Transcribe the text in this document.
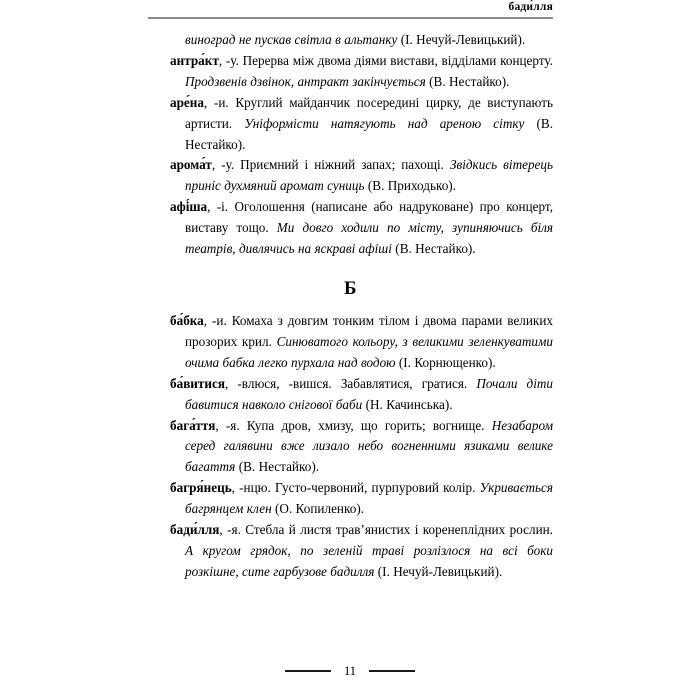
бади́лля

виноград не пускав світла в альтанку (І. Нечуй-Левицький).

антра́кт, -у. Перерва між двома діями вистави, відділами концерту. Продзвенів дзвінок, антракт закінчується (В. Нестайко).

аре́на, -и. Круглий майданчик посередині цирку, де виступають артисти. Уніформісти натягують над ареною сітку (В. Нестайко).

арома́т, -у. Приємний і ніжний запах; пахощі. Звідкись вітерець приніс духмяний аромат суниць (В. Приходько).

афі́ша, -і. Оголошення (написане або надруковане) про концерт, виставу тощо. Ми довго ходили по місту, зупиняючись біля театрів, дивлячись на яскраві афіші (В. Нестайко).

Б

ба́бка, -и. Комаха з довгим тонким тілом і двома парами великих прозорих крил. Синюватого кольору, з великими зеленкуватими очима бабка легко пурхала над водою (І. Корнющенко).

ба́витися, -влюся, -вишся. Забавлятися, гратися. Почали діти бавитися навколо снігової баби (Н. Качинська).

бага́ття, -я. Купа дров, хмизу, що горить; вогнище. Незабаром серед галявини вже лизало небо вогненними язиками велике багаття (В. Нестайко).

багря́нець, -нцю. Густо-червоний, пурпуровий колір. Укривається багрянцем клен (О. Копиленко).

бади́лля, -я. Стебла й листя трав’янистих і коренеплідних рослин. А кругом грядок, по зеленій траві розлізлося на всі боки розкішне, сите гарбузове бадилля (І. Нечуй-Левицький).

11
